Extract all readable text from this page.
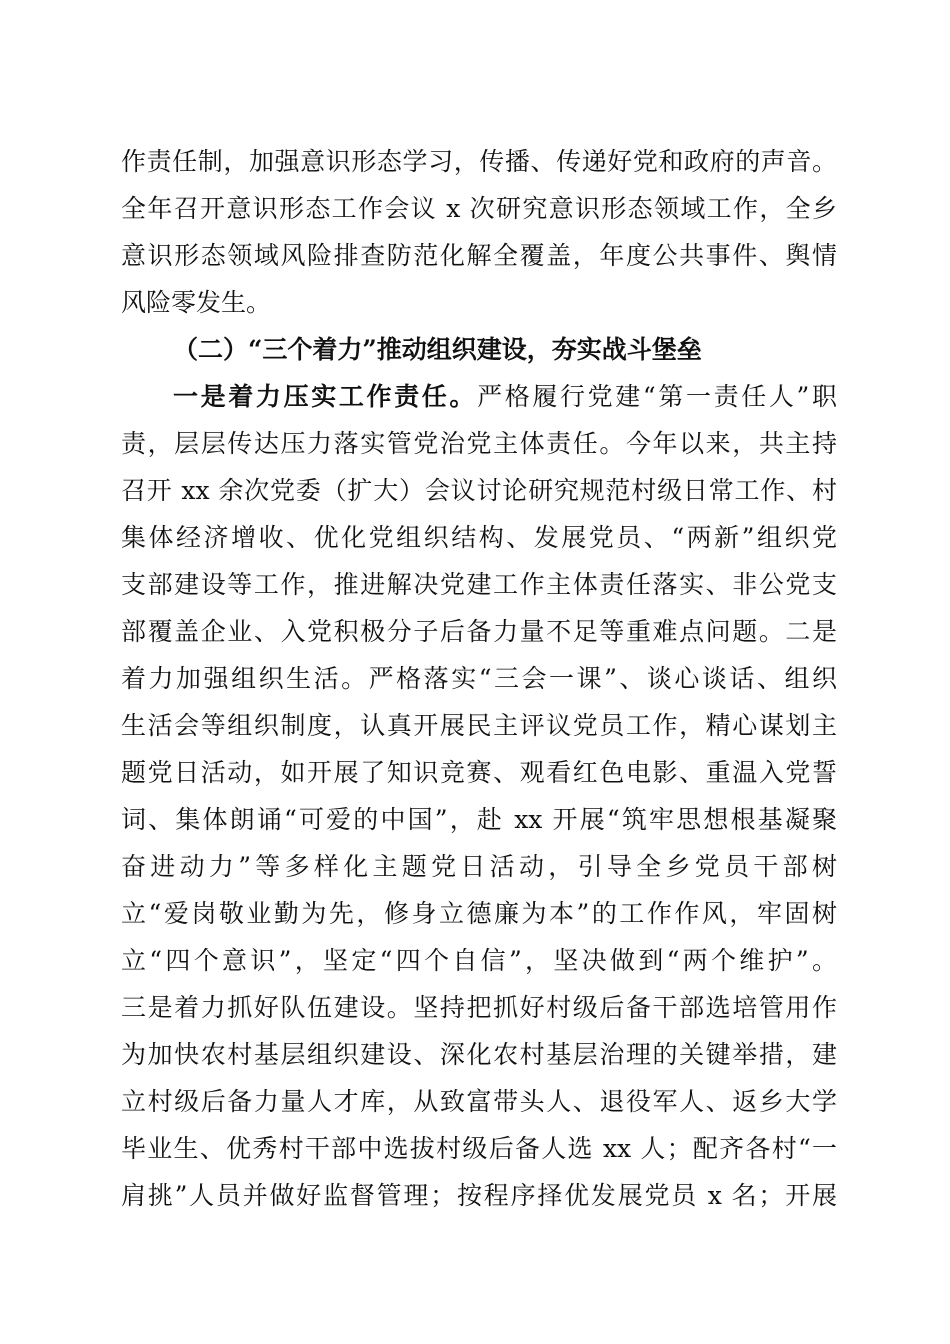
作责任制，加强意识形态学习，传播、传递好党和政府的声音。
全年召开意识形态工作会议 x 次研究意识形态领域工作，全乡
意识形态领域风险排查防范化解全覆盖，年度公共事件、舆情
风险零发生。
（二）“三个着力”推动组织建设，夯实战斗堡垒
一是着力压实工作责任。严格履行党建“第一责任人”职
责，层层传达压力落实管党治党主体责任。今年以来，共主持
召开 xx 余次党委（扩大）会议讨论研究规范村级日常工作、村
集体经济增收、优化党组织结构、发展党员、“两新”组织党
支部建设等工作，推进解决党建工作主体责任落实、非公党支
部覆盖企业、入党积极分子后备力量不足等重难点问题。二是
着力加强组织生活。严格落实“三会一课”、谈心谈话、组织
生活会等组织制度，认真开展民主评议党员工作，精心谋划主
题党日活动，如开展了知识竞赛、观看红色电影、重温入党誓
词、集体朗诵“可爱的中国”，赴 xx 开展“筑牢思想根基凝聚
奋进动力”等多样化主题党日活动，引导全乡党员干部树
立“爱岗敬业勤为先，修身立德廉为本”的工作作风，牢固树
立“四个意识”，坚定“四个自信”，坚决做到“两个维护”。
三是着力抓好队伍建设。坚持把抓好村级后备干部选培管用作
为加快农村基层组织建设、深化农村基层治理的关键举措，建
立村级后备力量人才库，从致富带头人、退役军人、返乡大学
毕业生、优秀村干部中选拔村级后备人选 xx 人；配齐各村“一
肩挑”人员并做好监督管理；按程序择优发展党员 x 名；开展
